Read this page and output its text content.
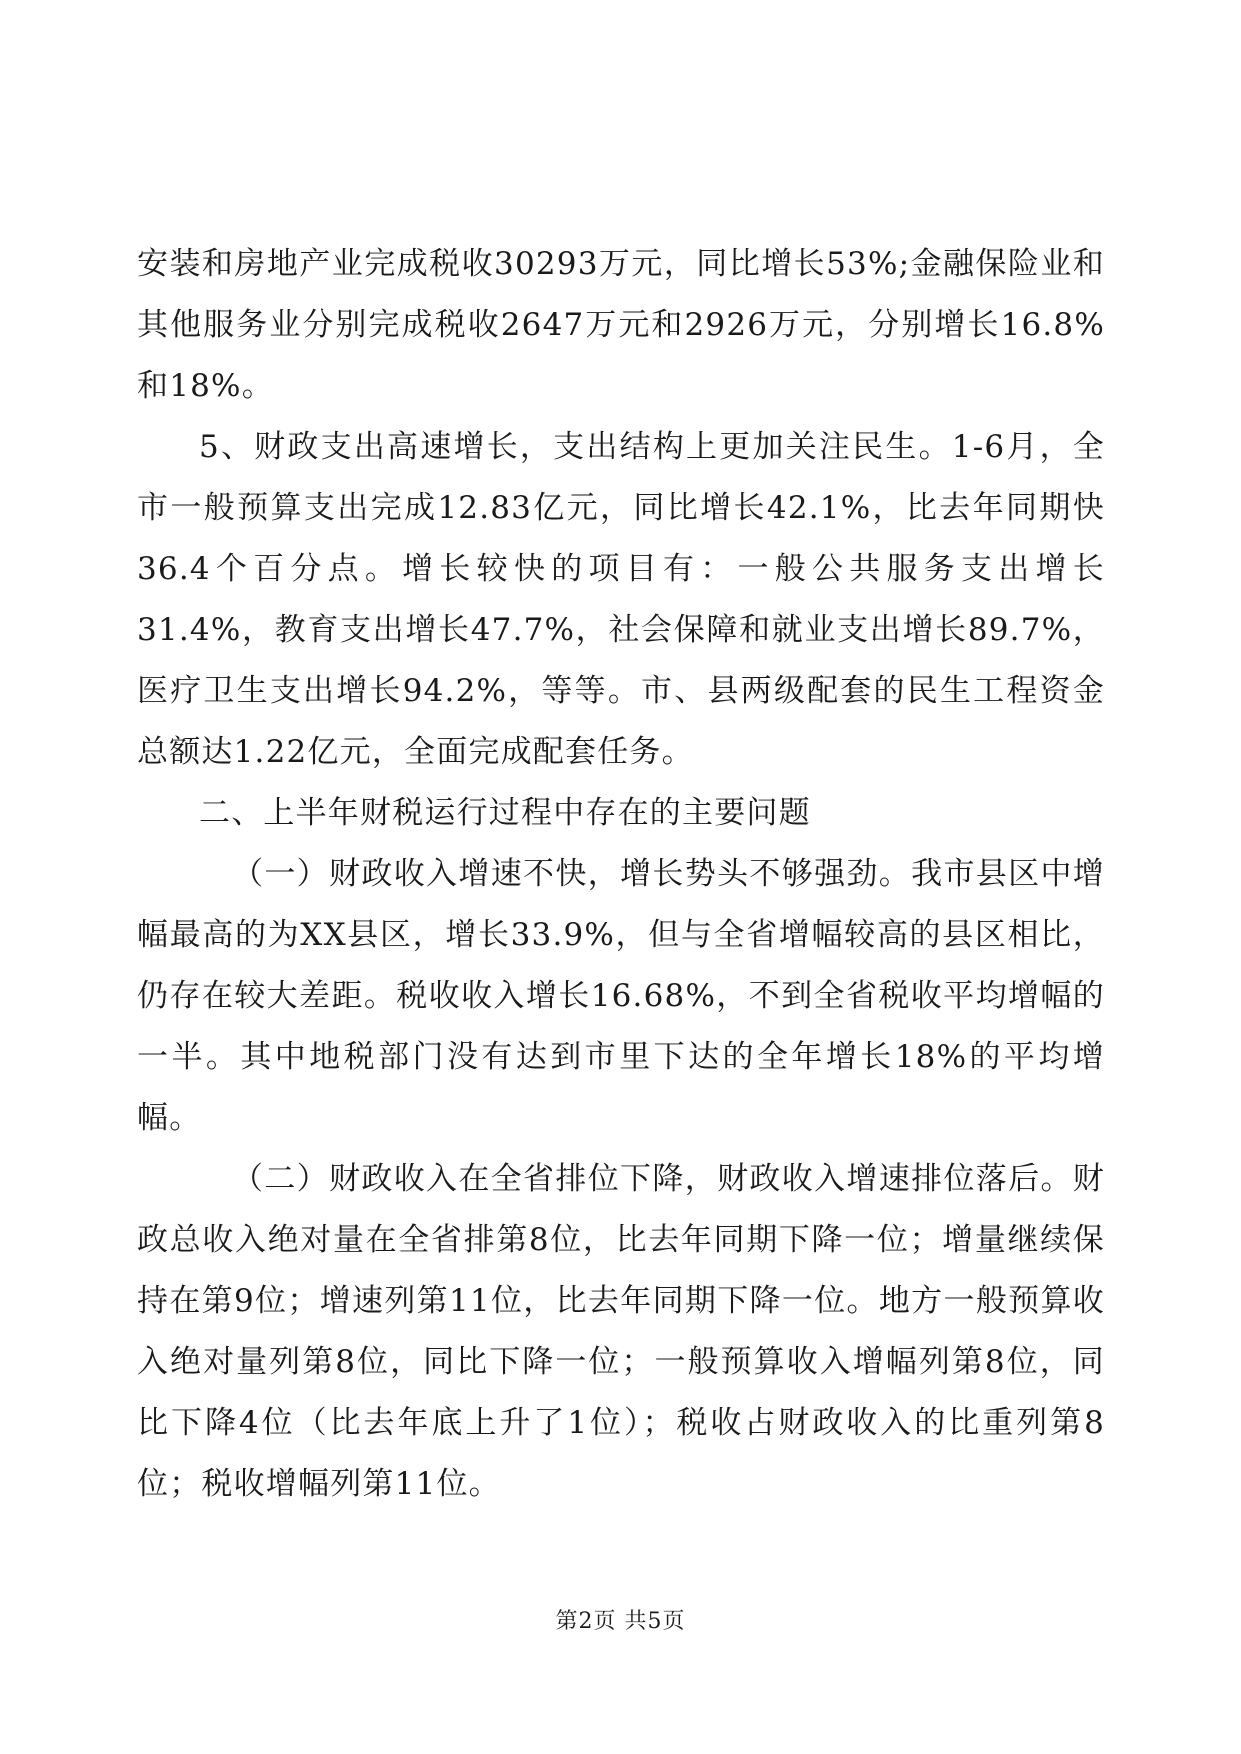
安装和房地产业完成税收30293万元，同比增长53%;金融保险业和其他服务业分别完成税收2647万元和2926万元，分别增长16.8%和18%。

5、财政支出高速增长，支出结构上更加关注民生。1-6月，全市一般预算支出完成12.83亿元，同比增长42.1%，比去年同期快36.4个百分点。增长较快的项目有：一般公共服务支出增长31.4%，教育支出增长47.7%，社会保障和就业支出增长89.7%，医疗卫生支出增长94.2%，等等。市、县两级配套的民生工程资金总额达1.22亿元，全面完成配套任务。

二、上半年财税运行过程中存在的主要问题

（一）财政收入增速不快，增长势头不够强劲。我市县区中增幅最高的为XX县区，增长33.9%，但与全省增幅较高的县区相比，仍存在较大差距。税收收入增长16.68%，不到全省税收平均增幅的一半。其中地税部门没有达到市里下达的全年增长18%的平均增幅。

（二）财政收入在全省排位下降，财政收入增速排位落后。财政总收入绝对量在全省排第8位，比去年同期下降一位；增量继续保持在第9位；增速列第11位，比去年同期下降一位。地方一般预算收入绝对量列第8位，同比下降一位；一般预算收入增幅列第8位，同比下降4位（比去年底上升了1位）；税收占财政收入的比重列第8位；税收增幅列第11位。

第2页 共5页
